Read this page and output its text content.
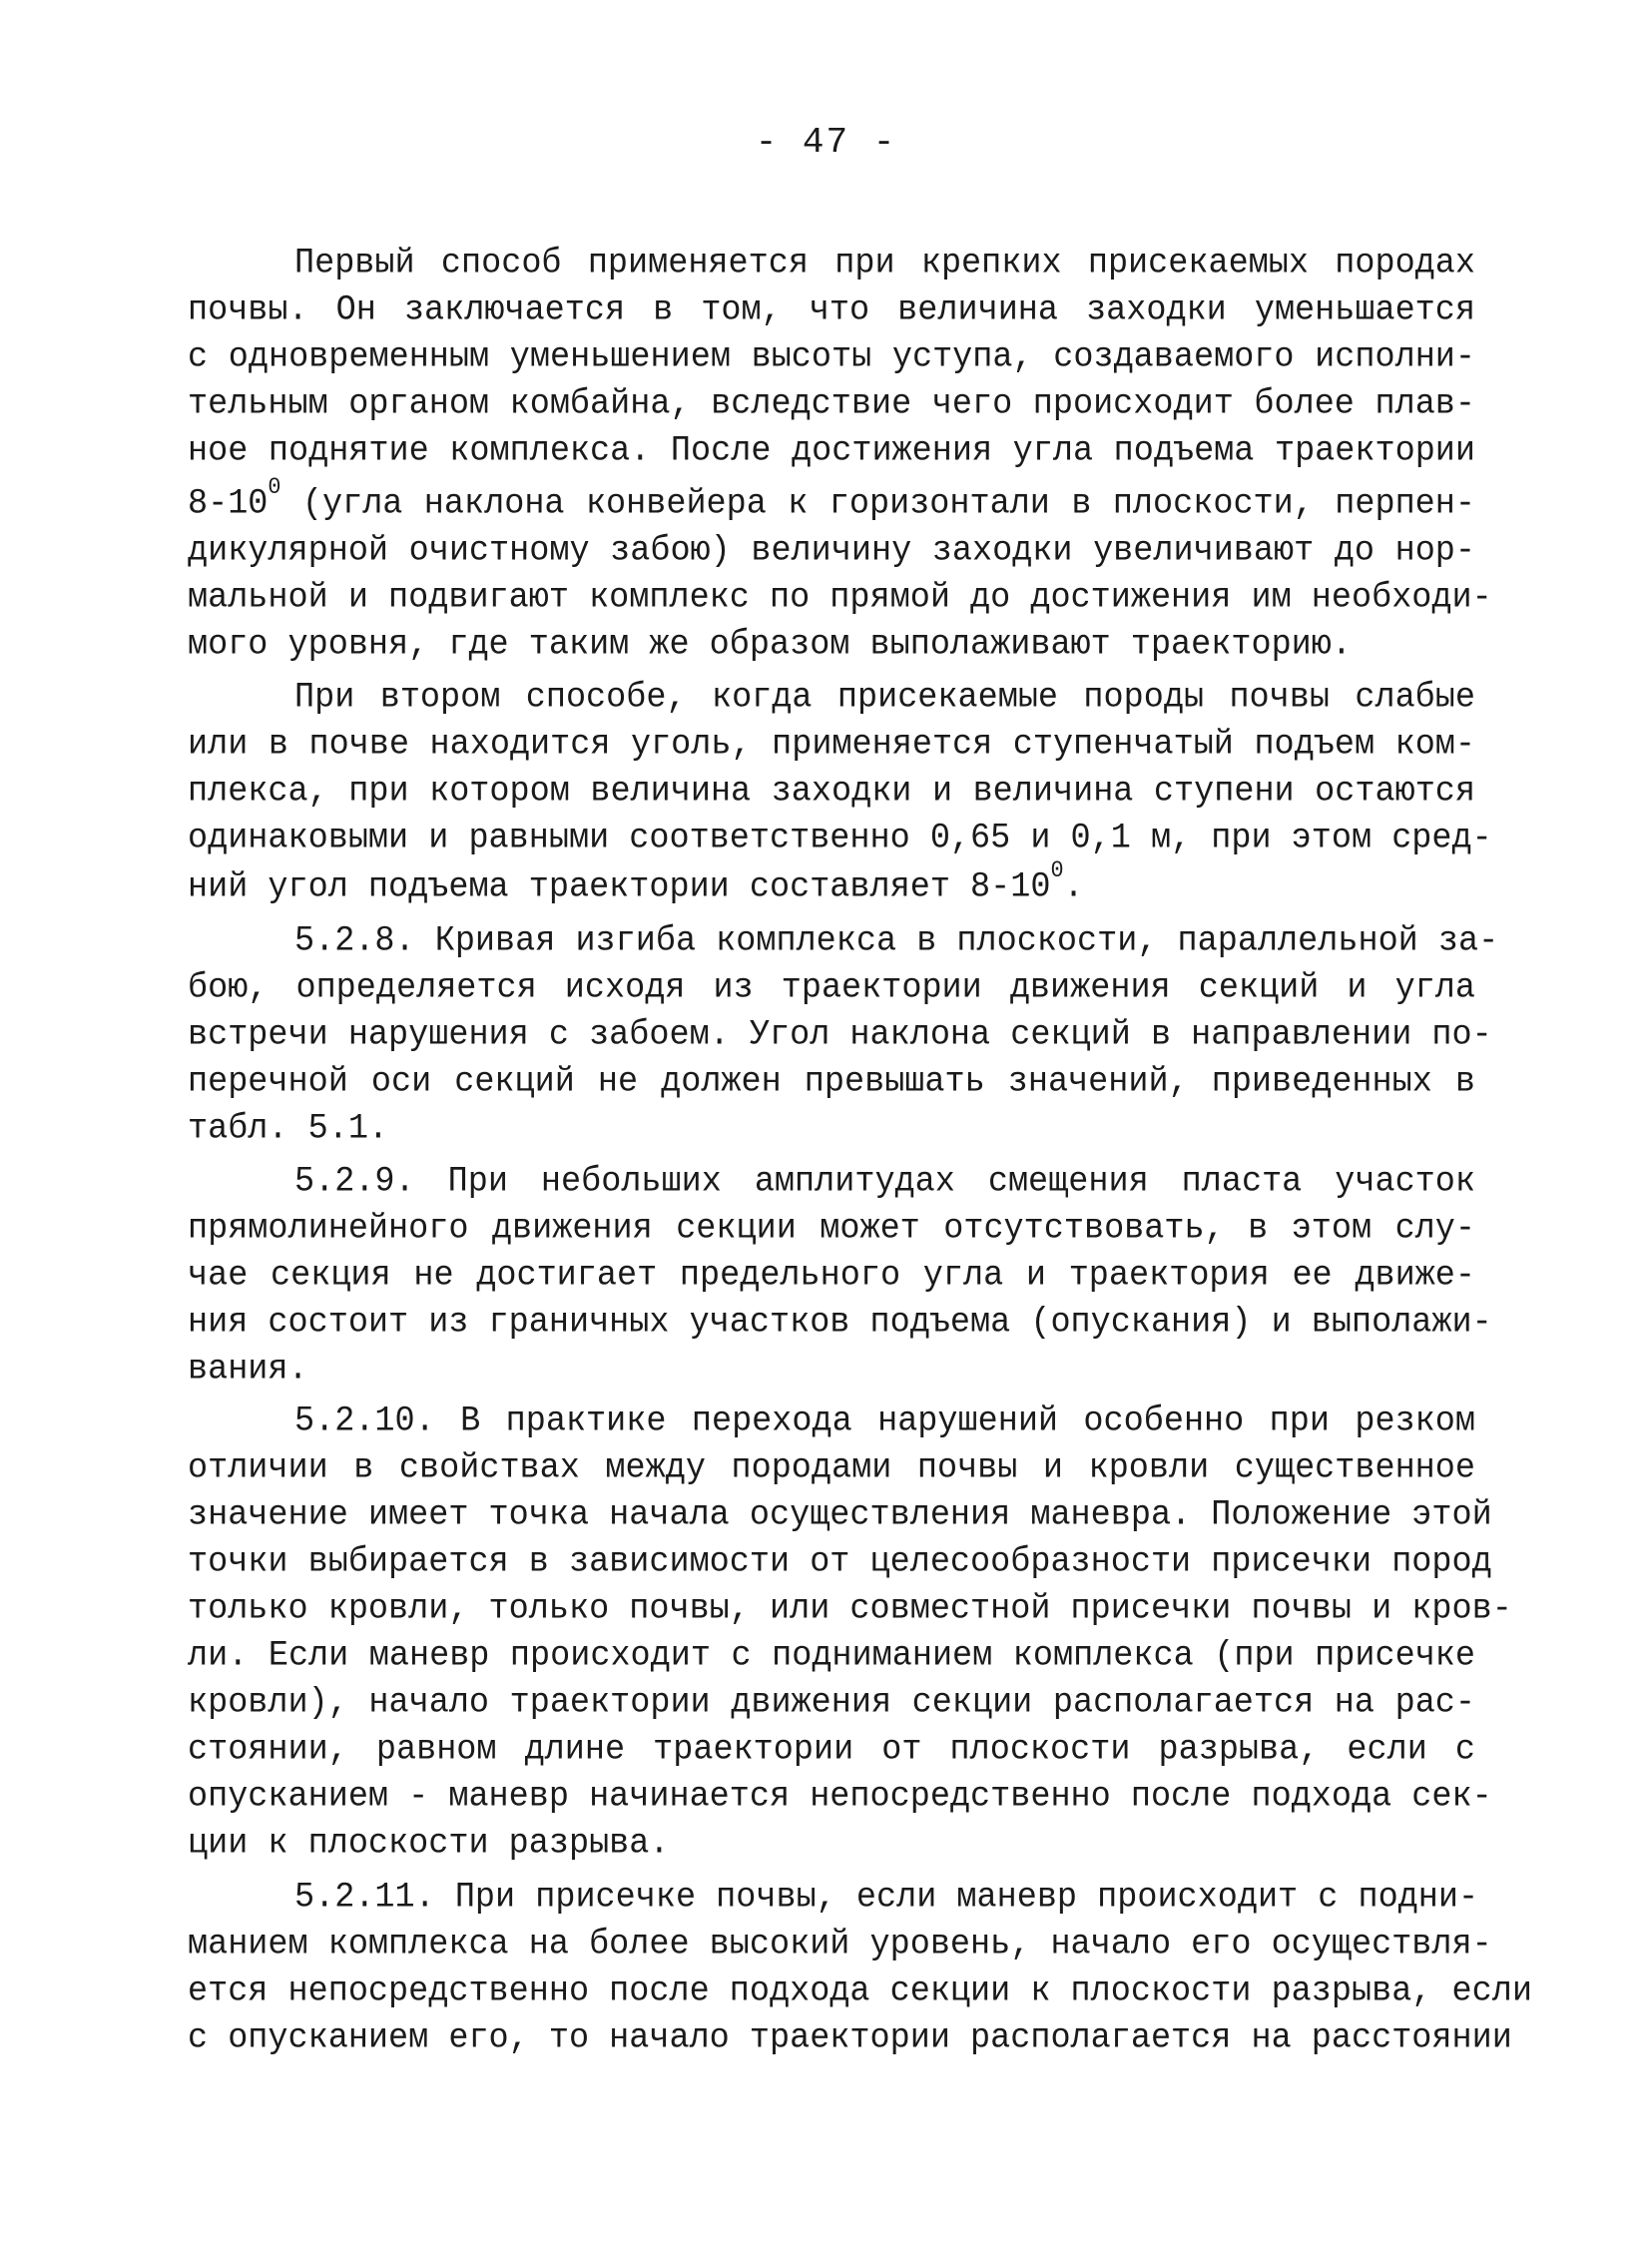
- 47 -
Первый способ применяется при крепких присекаемых породах
почвы. Он заключается в том, что величина заходки уменьшается
с одновременным уменьшением высоты уступа, создаваемого исполни-
тельным органом комбайна, вследствие чего происходит более плав-
ное поднятие комплекса. После достижения угла подъема траектории
$8-10^0$ (угла наклона конвейера к горизонтали в плоскости, перпен-
дикулярной очистному забою) величину заходки увеличивают до нор-
мальной и подвигают комплекс по прямой до достижения им необходи-
мого уровня, где таким же образом выполаживают траекторию.
При втором способе, когда присекаемые породы почвы слабые
или в почве находится уголь, применяется ступенчатый подъем ком-
плекса, при котором величина заходки и величина ступени остаются
одинаковыми и равными соответственно 0,65 и 0,1 м, при этом сред-
ний угол подъема траектории составляет $8-10^0$.
5.2.8. Кривая изгиба комплекса в плоскости, параллельной за-
бою, определяется исходя из траектории движения секций и угла
встречи нарушения с забоем. Угол наклона секций в направлении по-
перечной оси секций не должен превышать значений, приведенных в
табл. 5.1.
5.2.9. При небольших амплитудах смещения пласта участок
прямолинейного движения секции может отсутствовать, в этом слу-
чае секция не достигает предельного угла и траектория ее движе-
ния состоит из граничных участков подъема (опускания) и выполажи-
вания.
5.2.10. В практике перехода нарушений особенно при резком
отличии в свойствах между породами почвы и кровли существенное
значение имеет точка начала осуществления маневра. Положение этой
точки выбирается в зависимости от целесообразности присечки пород
только кровли, только почвы, или совместной присечки почвы и кров-
ли. Если маневр происходит с подниманием комплекса (при присечке
кровли), начало траектории движения секции располагается на рас-
стоянии, равном длине траектории от плоскости разрыва, если с
опусканием - маневр начинается непосредственно после подхода сек-
ции к плоскости разрыва.
5.2.11. При присечке почвы, если маневр происходит с подни-
манием комплекса на более высокий уровень, начало его осуществля-
ется непосредственно после подхода секции к плоскости разрыва, если
с опусканием его, то начало траектории располагается на расстоянии
